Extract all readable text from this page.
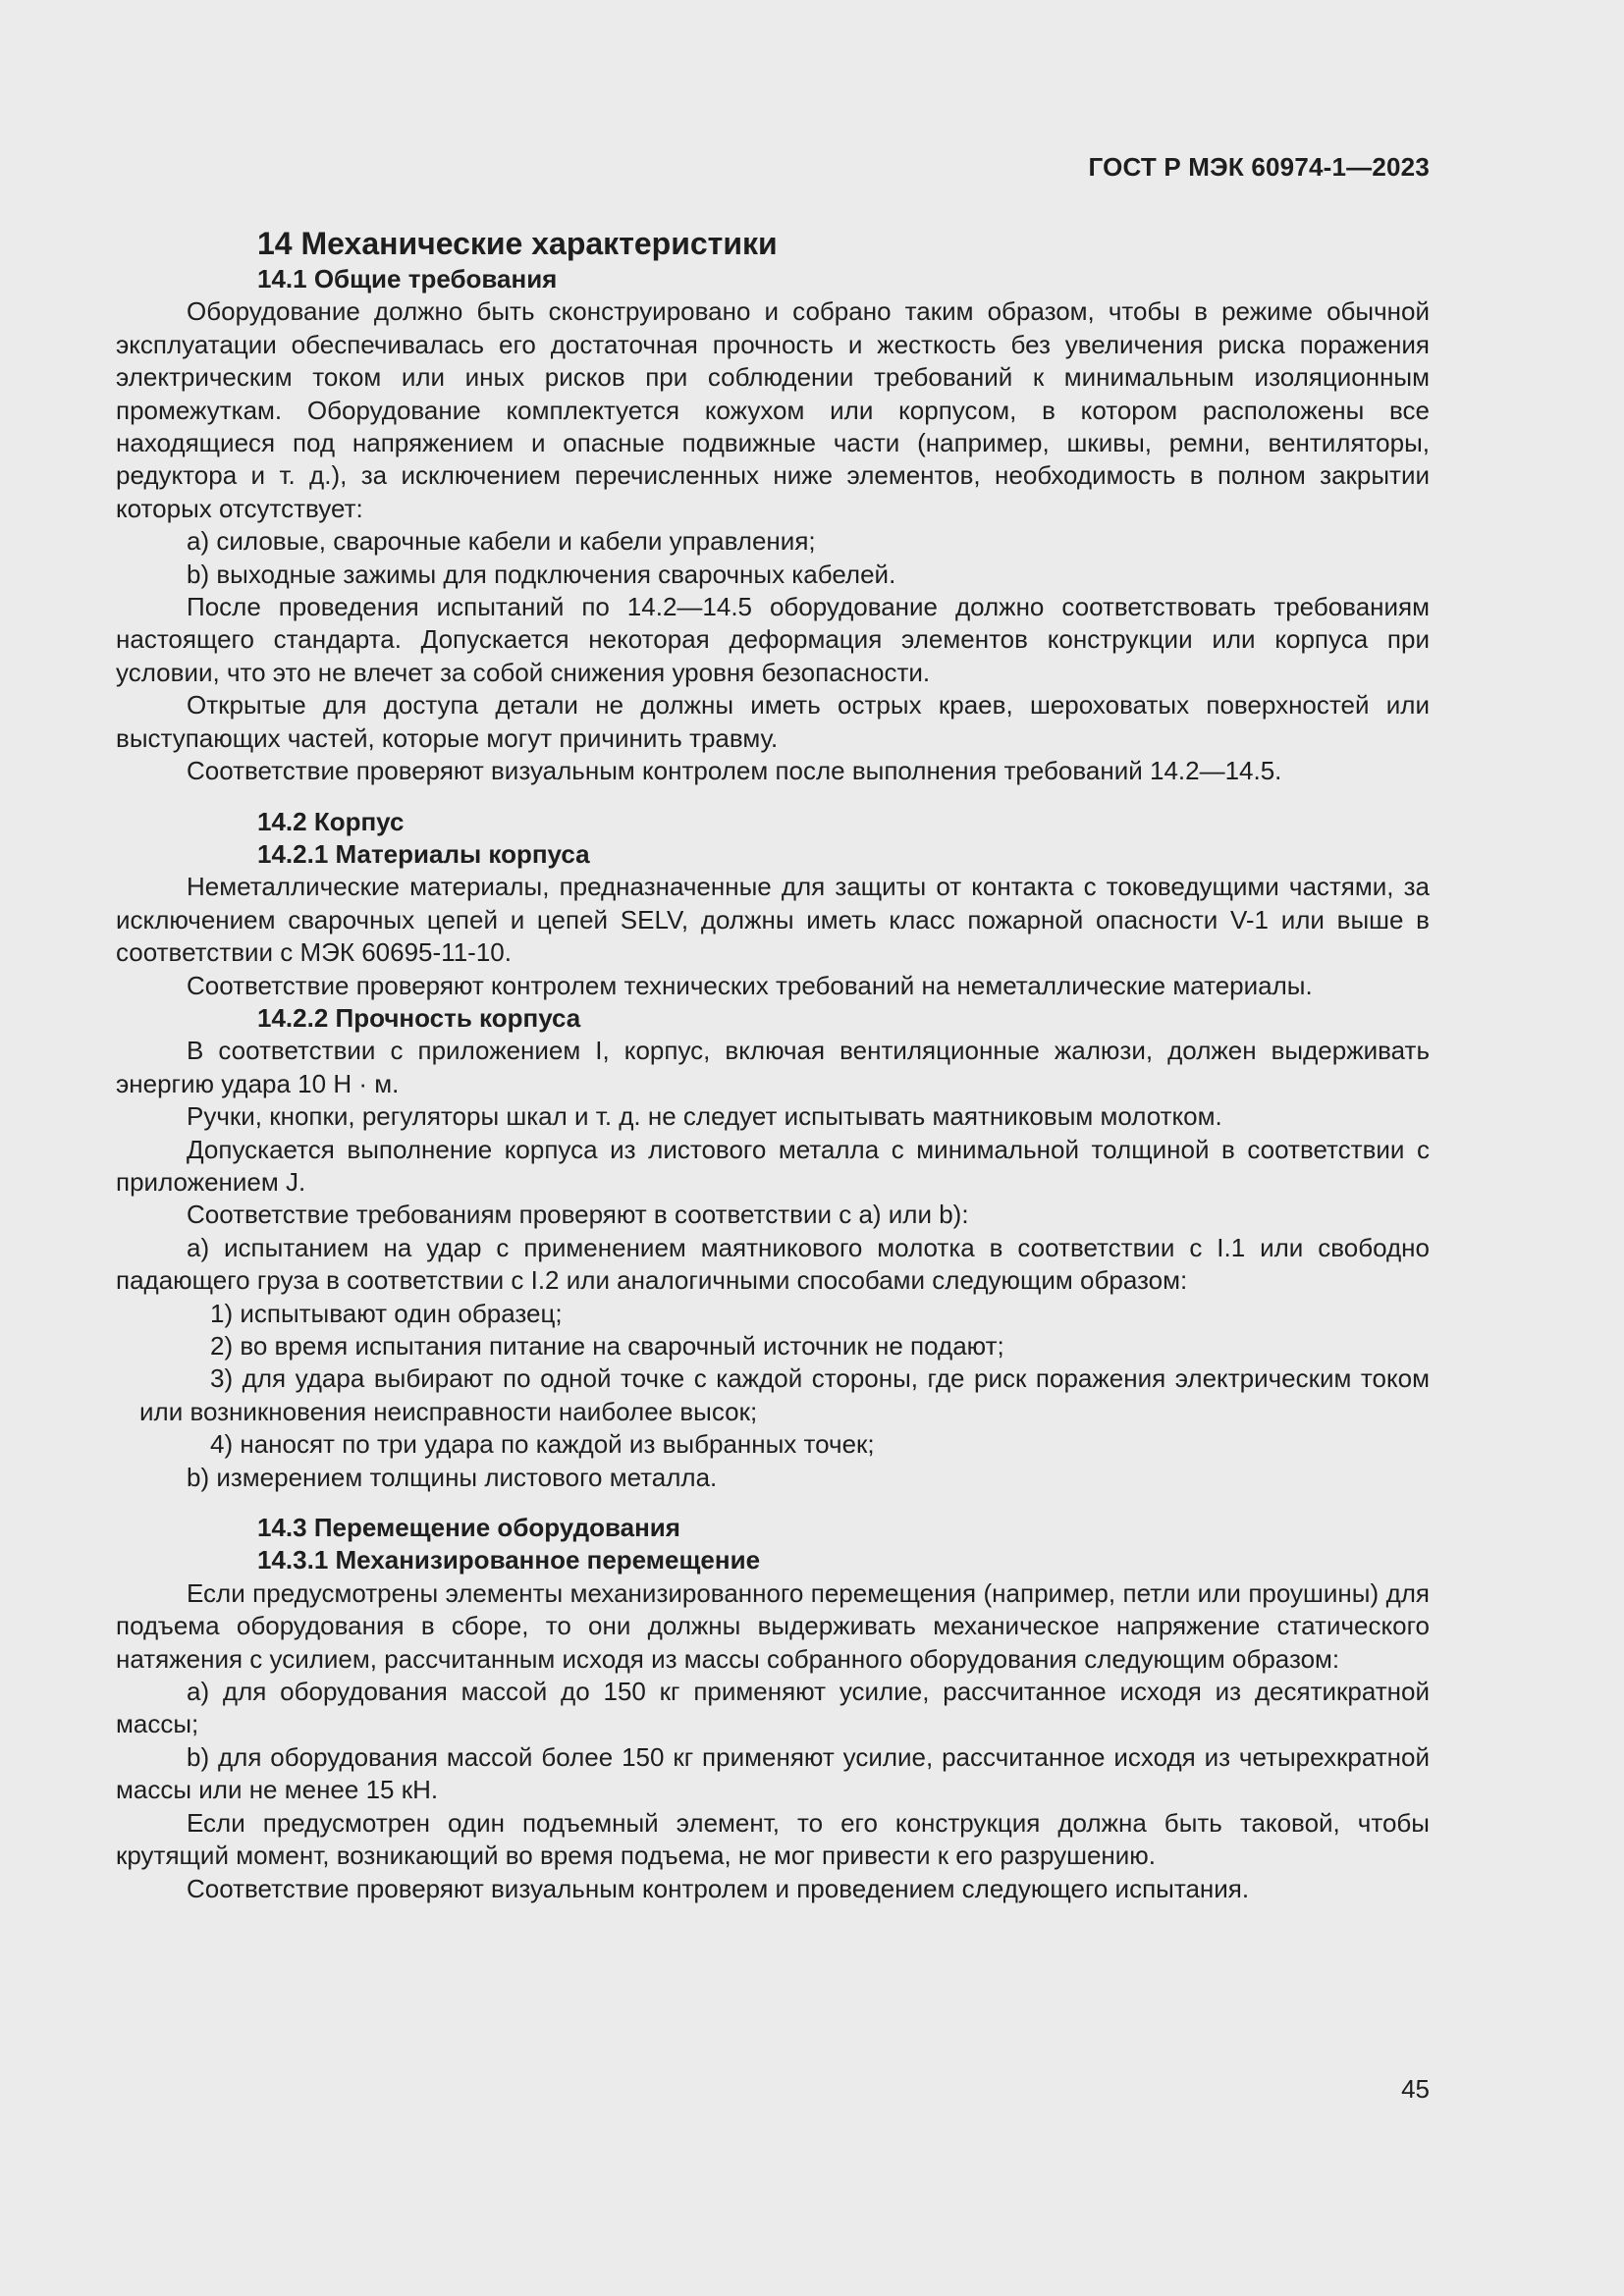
ГОСТ Р МЭК 60974-1—2023

14 Механические характеристики

14.1 Общие требования

Оборудование должно быть сконструировано и собрано таким образом, чтобы в режиме обычной эксплуатации обеспечивалась его достаточная прочность и жесткость без увеличения риска поражения электрическим током или иных рисков при соблюдении требований к минимальным изоляционным промежуткам. Оборудование комплектуется кожухом или корпусом, в котором расположены все находящиеся под напряжением и опасные подвижные части (например, шкивы, ремни, вентиляторы, редуктора и т. д.), за исключением перечисленных ниже элементов, необходимость в полном закрытии которых отсутствует:

a) силовые, сварочные кабели и кабели управления;

b) выходные зажимы для подключения сварочных кабелей.

После проведения испытаний по 14.2—14.5 оборудование должно соответствовать требованиям настоящего стандарта. Допускается некоторая деформация элементов конструкции или корпуса при условии, что это не влечет за собой снижения уровня безопасности.

Открытые для доступа детали не должны иметь острых краев, шероховатых поверхностей или выступающих частей, которые могут причинить травму.

Соответствие проверяют визуальным контролем после выполнения требований 14.2—14.5.

14.2 Корпус

14.2.1 Материалы корпуса

Неметаллические материалы, предназначенные для защиты от контакта с токоведущими частями, за исключением сварочных цепей и цепей SELV, должны иметь класс пожарной опасности V-1 или выше в соответствии с МЭК 60695-11-10.

Соответствие проверяют контролем технических требований на неметаллические материалы.

14.2.2 Прочность корпуса

В соответствии с приложением I, корпус, включая вентиляционные жалюзи, должен выдерживать энергию удара 10 Н · м.

Ручки, кнопки, регуляторы шкал и т. д. не следует испытывать маятниковым молотком.

Допускается выполнение корпуса из листового металла с минимальной толщиной в соответствии с приложением J.

Соответствие требованиям проверяют в соответствии с a) или b):

a) испытанием на удар с применением маятникового молотка в соответствии с I.1 или свободно падающего груза в соответствии с I.2 или аналогичными способами следующим образом:

1) испытывают один образец;

2) во время испытания питание на сварочный источник не подают;

3) для удара выбирают по одной точке с каждой стороны, где риск поражения электрическим током или возникновения неисправности наиболее высок;

4) наносят по три удара по каждой из выбранных точек;

b) измерением толщины листового металла.

14.3 Перемещение оборудования

14.3.1 Механизированное перемещение

Если предусмотрены элементы механизированного перемещения (например, петли или проушины) для подъема оборудования в сборе, то они должны выдерживать механическое напряжение статического натяжения с усилием, рассчитанным исходя из массы собранного оборудования следующим образом:

a) для оборудования массой до 150 кг применяют усилие, рассчитанное исходя из десятикратной массы;

b) для оборудования массой более 150 кг применяют усилие, рассчитанное исходя из четырехкратной массы или не менее 15 кН.

Если предусмотрен один подъемный элемент, то его конструкция должна быть таковой, чтобы крутящий момент, возникающий во время подъема, не мог привести к его разрушению.

Соответствие проверяют визуальным контролем и проведением следующего испытания.

45
